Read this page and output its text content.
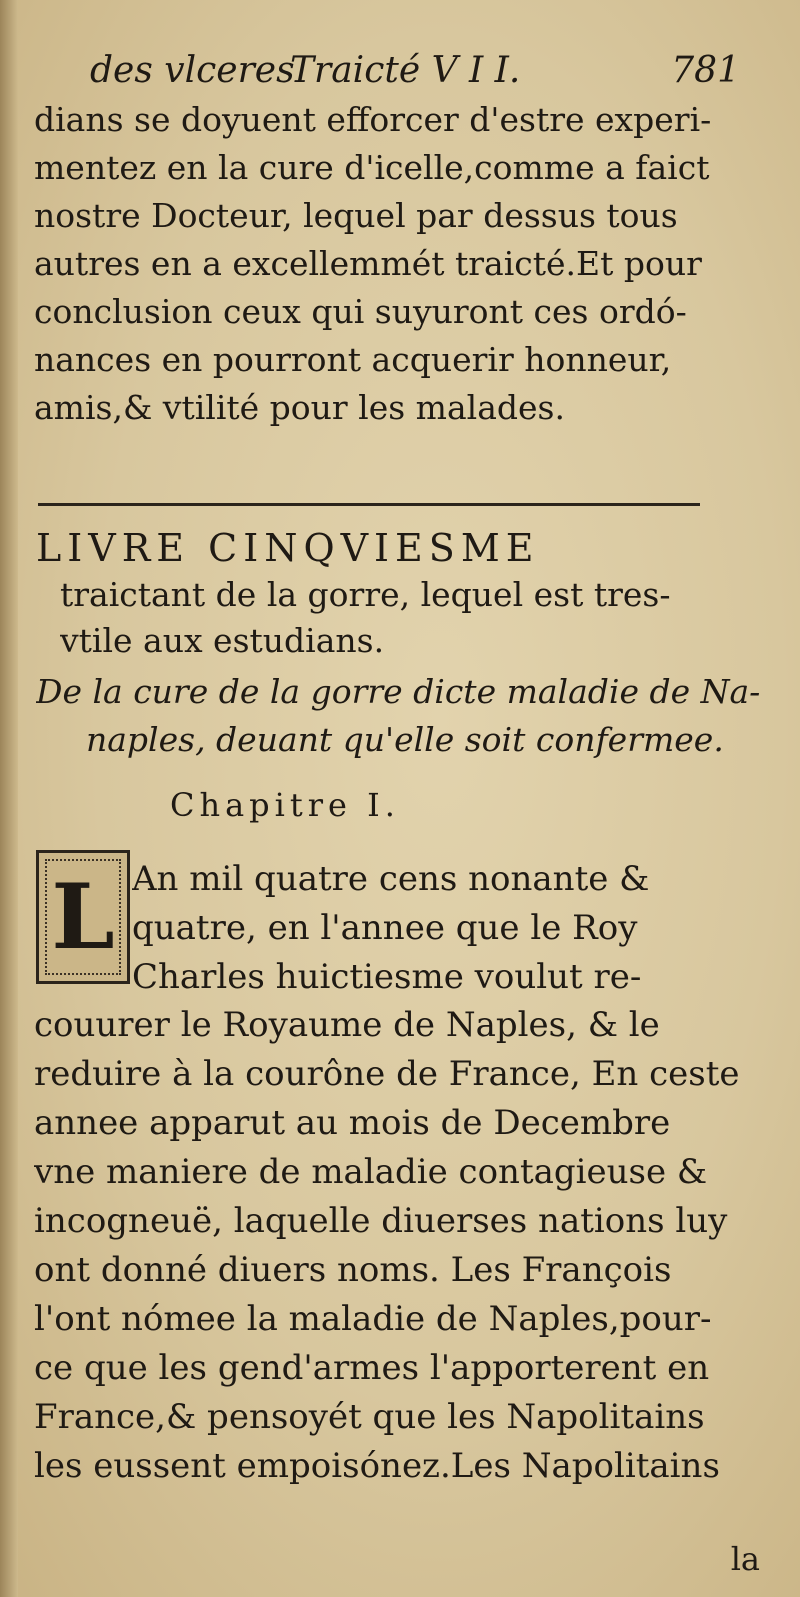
des vlceres
Traicté V I I.	781
dians se doyuent efforcer d'estre experi-
mentez en la cure d'icelle,comme a faict
nostre Docteur, lequel par dessus tous
autres en a excellemmét traicté.Et pour
conclusion ceux qui suyuront ces ordó-
nances en pourront acquerir honneur,
amis,& vtilité pour les malades.
LIVRE CINQVIESME
traictant de la gorre, lequel est tres-
vtile aux estudians.
De la cure de la gorre dicte maladie de Na-
naples, deuant qu'elle soit confermee.
Chapitre I.
L An mil quatre cens nonante &
quatre, en l'annee que le Roy
Charles huictiesme voulut re-
couurer le Royaume de Naples, & le
reduire à la courône de France, En ceste
annee apparut au mois de Decembre
vne maniere de maladie contagieuse &
incogneuë, laquelle diuerses nations luy
ont donné diuers noms. Les François
l'ont nómee la maladie de Naples,pour-
ce que les gend'armes l'apporterent en
France,& pensoyét que les Napolitains
les eussent empoisónez.Les Napolitains
la
